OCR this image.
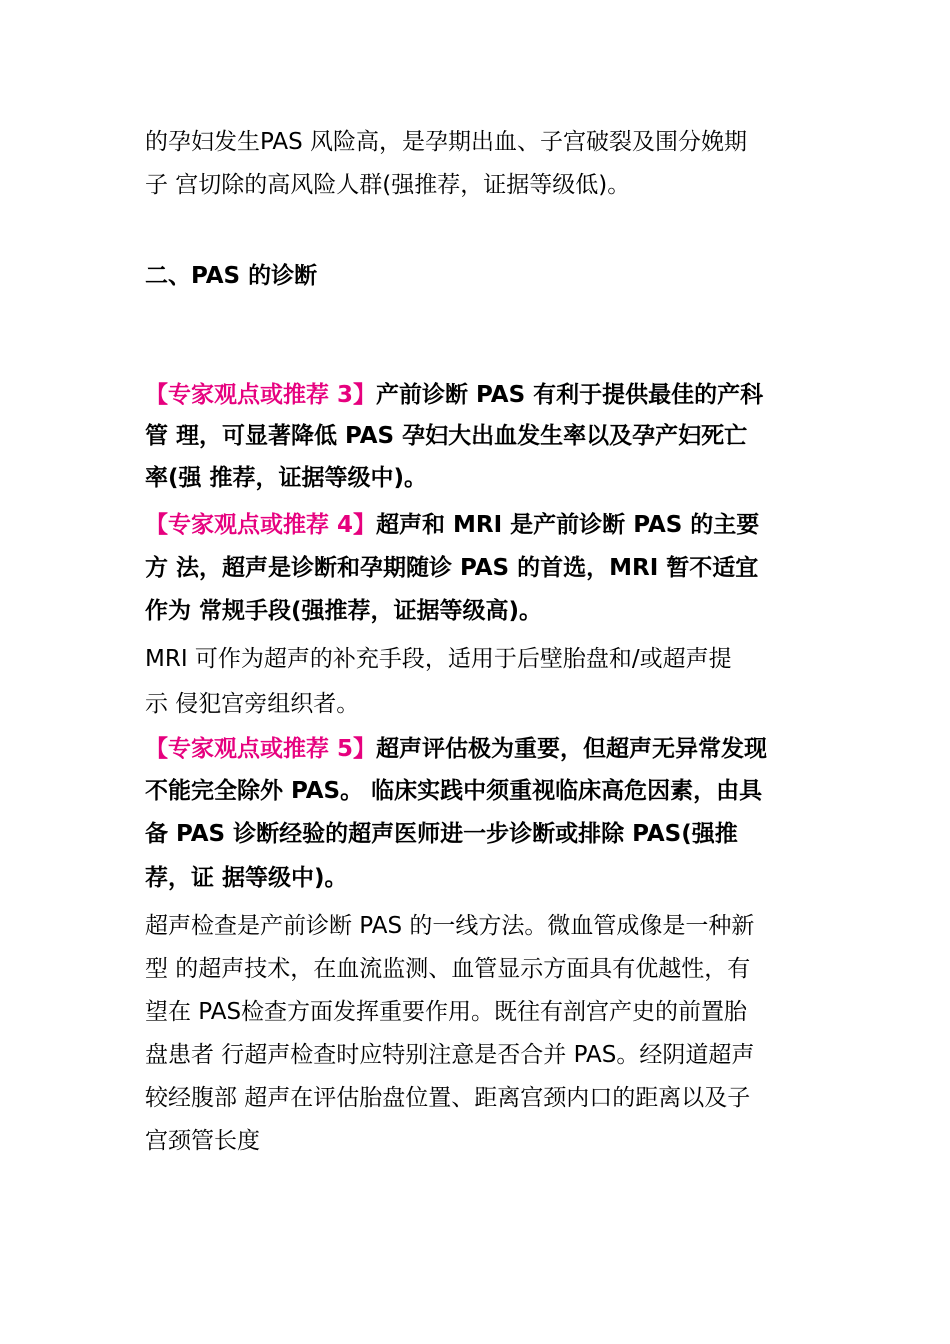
的孕妇发生PAS 风险高，是孕期出血、子宫破裂及围分娩期
子 宫切除的高风险人群(强推荐，证据等级低)。
二、PAS 的诊断
【专家观点或推荐 3】产前诊断 PAS 有利于提供最佳的产科
管 理，可显著降低 PAS 孕妇大出血发生率以及孕产妇死亡
率(强 推荐，证据等级中)。
【专家观点或推荐 4】超声和 MRI 是产前诊断 PAS 的主要
方 法，超声是诊断和孕期随诊 PAS 的首选，MRI 暂不适宜
作为 常规手段(强推荐，证据等级高)。
MRI 可作为超声的补充手段，适用于后壁胎盘和/或超声提
示 侵犯宫旁组织者。
【专家观点或推荐 5】超声评估极为重要，但超声无异常发现
不能完全除外 PAS。 临床实践中须重视临床高危因素，由具
备 PAS 诊断经验的超声医师进一步诊断或排除 PAS(强推
荐，证 据等级中)。
超声检查是产前诊断 PAS 的一线方法。微血管成像是一种新
型 的超声技术，在血流监测、血管显示方面具有优越性，有
望在 PAS检查方面发挥重要作用。既往有剖宫产史的前置胎
盘患者 行超声检查时应特别注意是否合并 PAS。经阴道超声
较经腹部 超声在评估胎盘位置、距离宫颈内口的距离以及子
宫颈管长度
